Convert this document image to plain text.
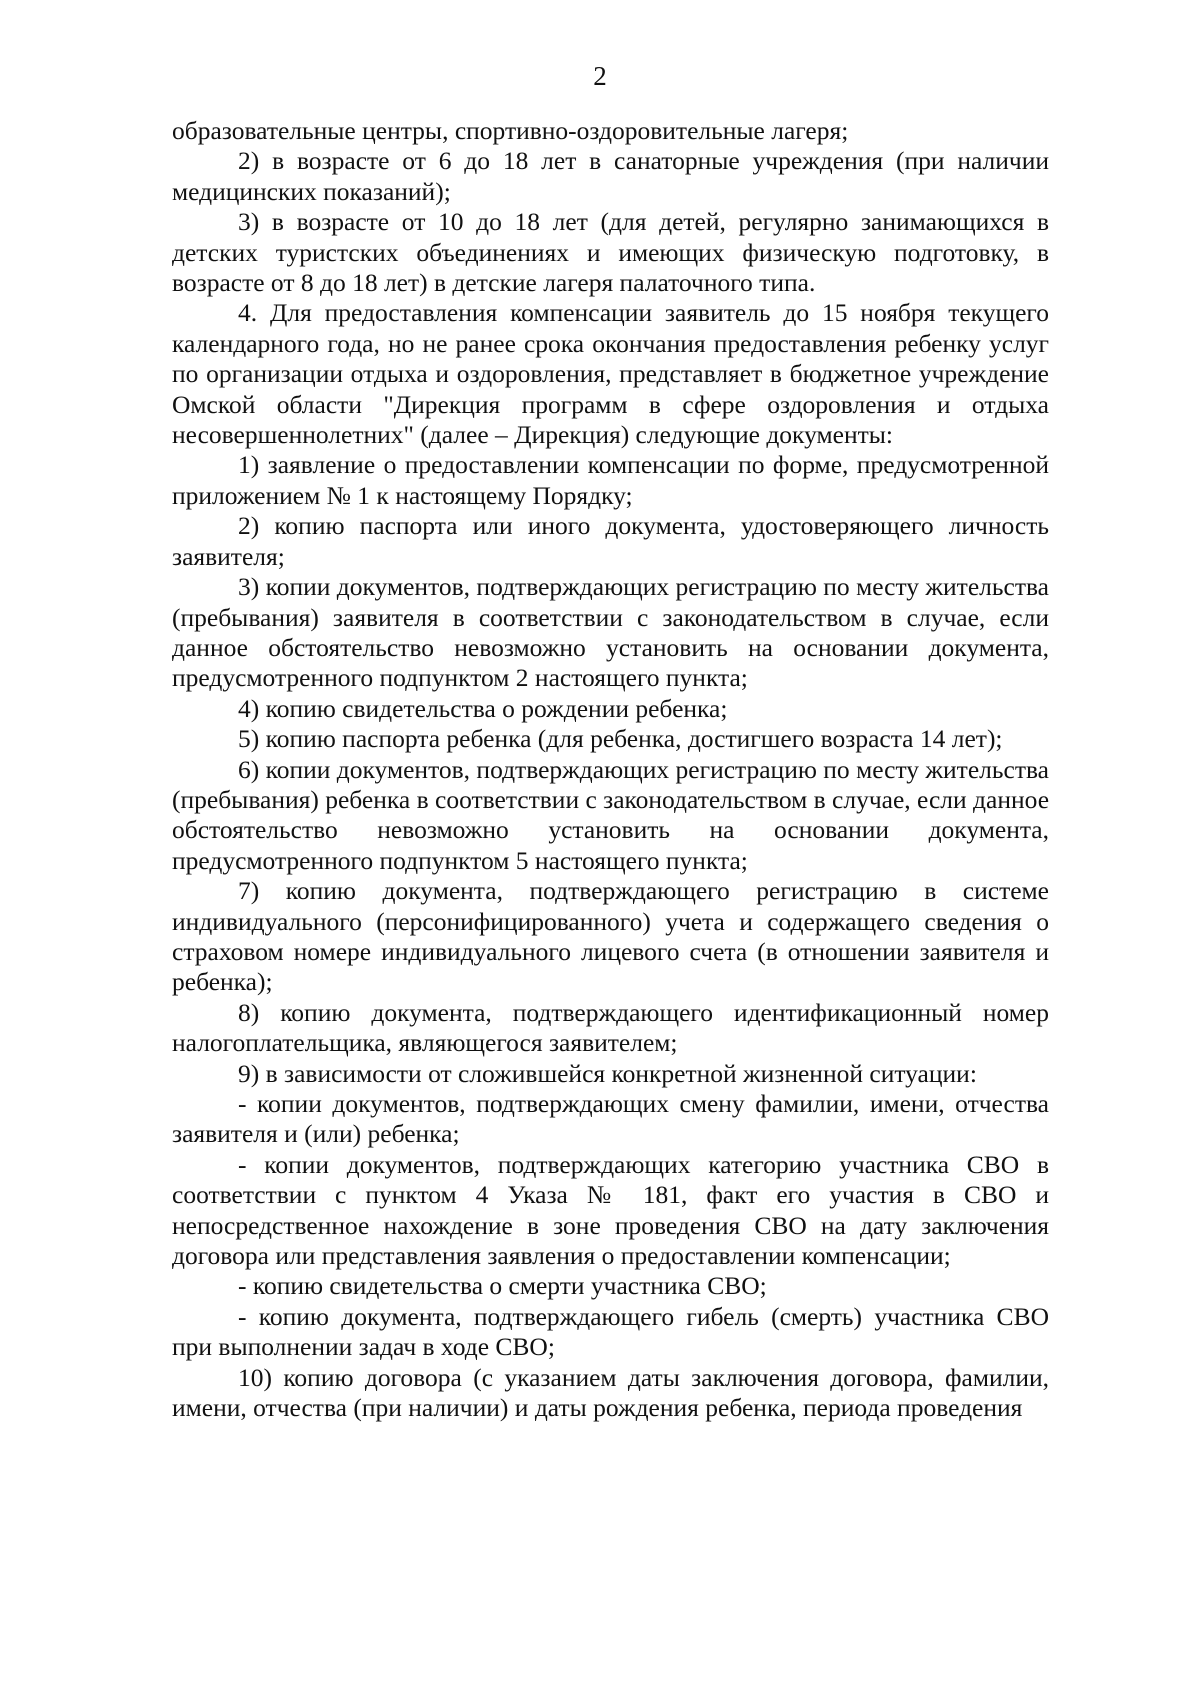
2

образовательные центры, спортивно-оздоровительные лагеря;

2) в возрасте от 6 до 18 лет в санаторные учреждения (при наличии медицинских показаний);

3) в возрасте от 10 до 18 лет (для детей, регулярно занимающихся в детских туристских объединениях и имеющих физическую подготовку, в возрасте от 8 до 18 лет) в детские лагеря палаточного типа.

4. Для предоставления компенсации заявитель до 15 ноября текущего календарного года, но не ранее срока окончания предоставления ребенку услуг по организации отдыха и оздоровления, представляет в бюджетное учреждение Омской области "Дирекция программ в сфере оздоровления и отдыха несовершеннолетних" (далее – Дирекция) следующие документы:

1) заявление о предоставлении компенсации по форме, предусмотренной приложением № 1 к настоящему Порядку;

2) копию паспорта или иного документа, удостоверяющего личность заявителя;

3) копии документов, подтверждающих регистрацию по месту жительства (пребывания) заявителя в соответствии с законодательством в случае, если данное обстоятельство невозможно установить на основании документа, предусмотренного подпунктом 2 настоящего пункта;

4) копию свидетельства о рождении ребенка;

5) копию паспорта ребенка (для ребенка, достигшего возраста 14 лет);

6) копии документов, подтверждающих регистрацию по месту жительства (пребывания) ребенка в соответствии с законодательством в случае, если данное обстоятельство невозможно установить на основании документа, предусмотренного подпунктом 5 настоящего пункта;

7) копию документа, подтверждающего регистрацию в системе индивидуального (персонифицированного) учета и содержащего сведения о страховом номере индивидуального лицевого счета (в отношении заявителя и ребенка);

8) копию документа, подтверждающего идентификационный номер налогоплательщика, являющегося заявителем;

9) в зависимости от сложившейся конкретной жизненной ситуации:

- копии документов, подтверждающих смену фамилии, имени, отчества заявителя и (или) ребенка;

- копии документов, подтверждающих категорию участника СВО в соответствии с пунктом 4 Указа № 181, факт его участия в СВО и непосредственное нахождение в зоне проведения СВО на дату заключения договора или представления заявления о предоставлении компенсации;

- копию свидетельства о смерти участника СВО;

- копию документа, подтверждающего гибель (смерть) участника СВО при выполнении задач в ходе СВО;

10) копию договора (с указанием даты заключения договора, фамилии, имени, отчества (при наличии) и даты рождения ребенка, периода проведения
